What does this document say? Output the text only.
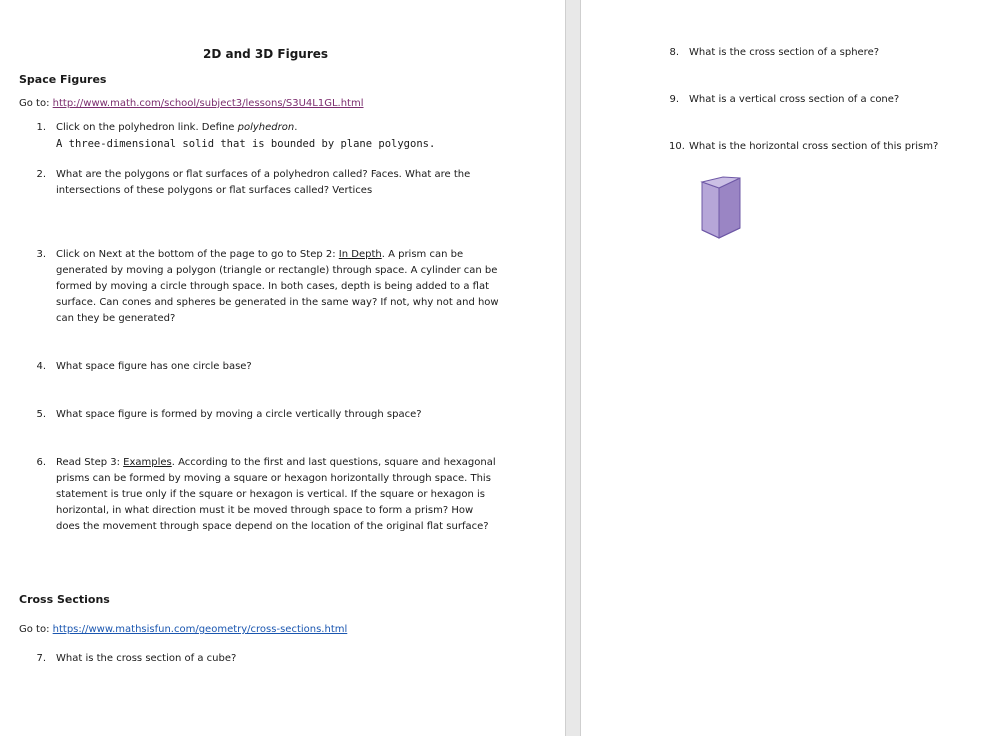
2D and 3D Figures
Space Figures
Go to: http://www.math.com/school/subject3/lessons/S3U4L1GL.html
1. Click on the polyhedron link. Define polyhedron.
A three-dimensional solid that is bounded by plane polygons.
2. What are the polygons or flat surfaces of a polyhedron called? Faces. What are the
intersections of these polygons or flat surfaces called? Vertices
3. Click on Next at the bottom of the page to go to Step 2: In Depth. A prism can be
generated by moving a polygon (triangle or rectangle) through space. A cylinder can be
formed by moving a circle through space. In both cases, depth is being added to a flat
surface. Can cones and spheres be generated in the same way? If not, why not and how
can they be generated?
4. What space figure has one circle base?
5. What space figure is formed by moving a circle vertically through space?
6. Read Step 3: Examples. According to the first and last questions, square and hexagonal
prisms can be formed by moving a square or hexagon horizontally through space. This
statement is true only if the square or hexagon is vertical. If the square or hexagon is
horizontal, in what direction must it be moved through space to form a prism? How
does the movement through space depend on the location of the original flat surface?
Cross Sections
Go to: https://www.mathsisfun.com/geometry/cross-sections.html
7. What is the cross section of a cube?
8. What is the cross section of a sphere?
9. What is a vertical cross section of a cone?
10. What is the horizontal cross section of this prism?
